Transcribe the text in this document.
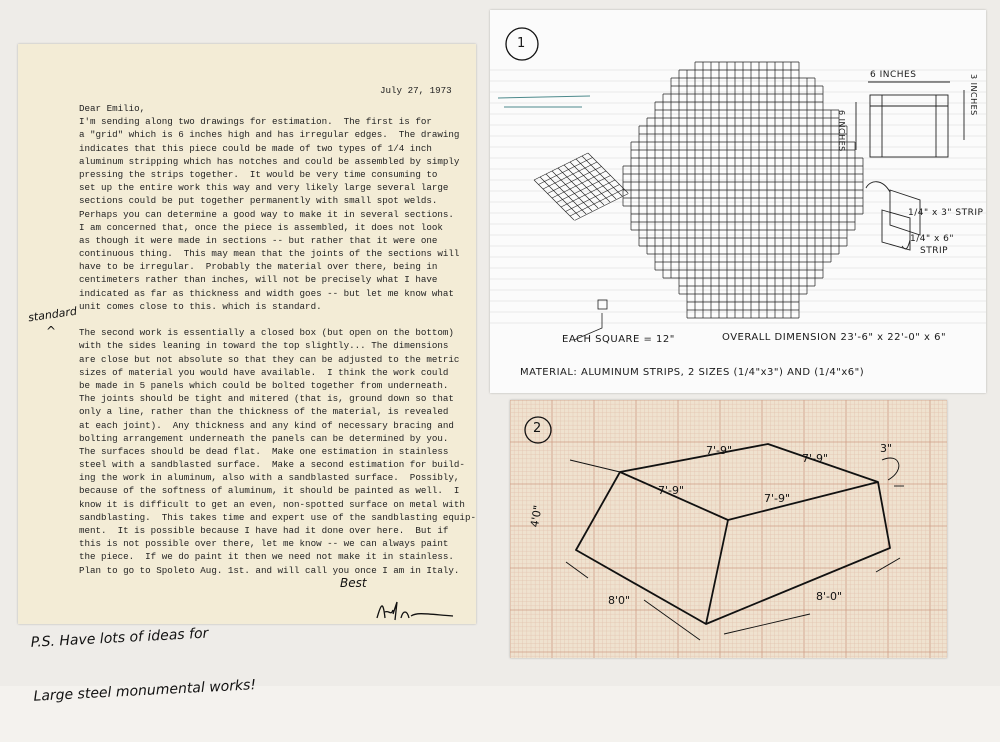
July 27, 1973
Dear Emilio,
I'm sending along two drawings for estimation.  The first is for
a "grid" which is 6 inches high and has irregular edges.  The drawing
indicates that this piece could be made of two types of 1/4 inch
aluminum stripping which has notches and could be assembled by simply
pressing the strips together.  It would be very time consuming to
set up the entire work this way and very likely large several large
sections could be put together permanently with small spot welds.
Perhaps you can determine a good way to make it in several sections.
I am concerned that, once the piece is assembled, it does not look
as though it were made in sections -- but rather that it were one
continuous thing.  This may mean that the joints of the sections will
have to be irregular.  Probably the material over there, being in
centimeters rather than inches, will not be precisely what I have
indicated as far as thickness and width goes -- but let me know what
unit comes close to this. which is standard.
The second work is essentially a closed box (but open on the bottom)
with the sides leaning in toward the top slightly... The dimensions
are close but not absolute so that they can be adjusted to the metric
sizes of material you would have available.  I think the work could
be made in 5 panels which could be bolted together from underneath.
The joints should be tight and mitered (that is, ground down so that
only a line, rather than the thickness of the material, is revealed
at each joint).  Any thickness and any kind of necessary bracing and
bolting arrangement underneath the panels can be determined by you.
The surfaces should be dead flat.  Make one estimation in stainless
steel with a sandblasted surface.  Make a second estimation for build-
ing the work in aluminum, also with a sandblasted surface.  Possibly,
because of the softness of aluminum, it should be painted as well.  I
know it is difficult to get an even, non-spotted surface on metal with
sandblasting.  This takes time and expert use of the sandblasting equip-
ment.  It is possible because I have had it done over here.  But if
this is not possible over there, let me know -- we can always paint
the piece.  If we do paint it then we need not make it in stainless.
Plan to go to Spoleto Aug. 1st. and will call you once I am in Italy.
standard
^
Best

P.S. Have lots of ideas for

Large steel monumental works!

1
6 INCHES
6 INCHES
3 INCHES
1/4" x 3" STRIP
1/4" x 6"
STRIP
EACH SQUARE = 12"	OVERALL DIMENSION 23'-6" x 22'-0" x 6"
MATERIAL: ALUMINUM STRIPS, 2 SIZES (1/4"x3") AND (1/4"x6")
2
7'-9"
7'-9"
7'-9"
7'-9"
3"
4'0"
8'0"	8'-0"
